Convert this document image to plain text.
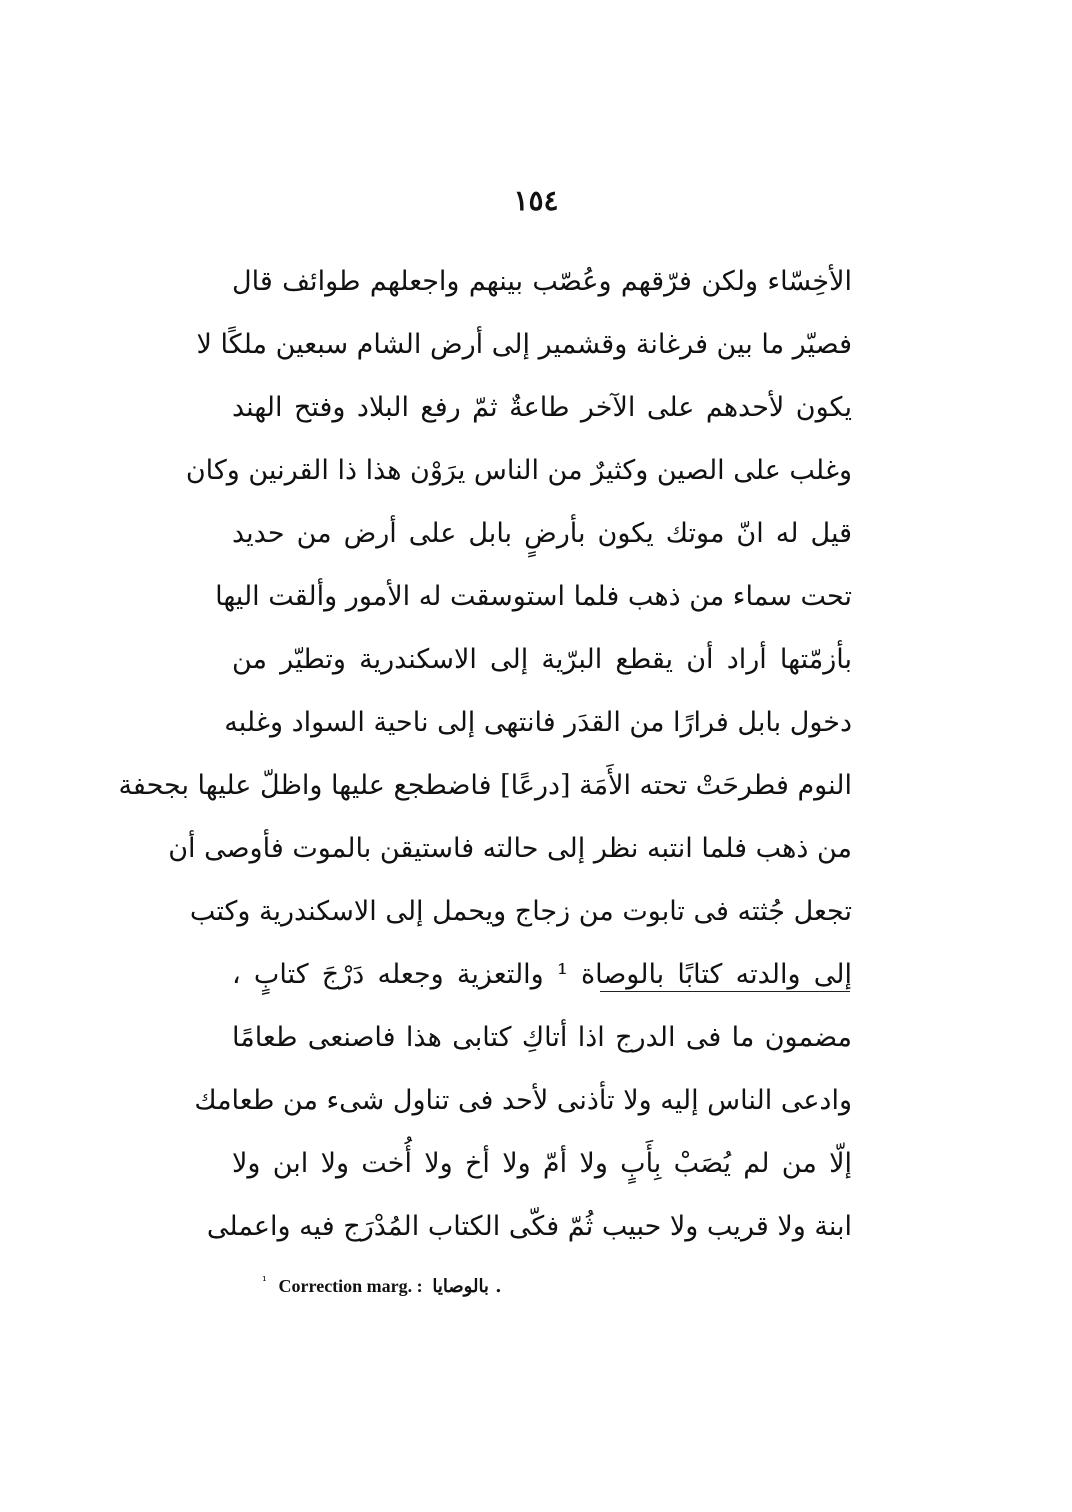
١٥٤
الأخِسّاء ولكن فرّقهم وعُصّب بينهم واجعلهم طوائف قال
فصيّر ما بين فرغانة وقشمير إلى أرض الشام سبعين ملكًا لا
يكون لأحدهم على الآخر طاعةٌ ثمّ رفع البلاد وفتح الهند
وغلب على الصين وكثيرٌ من الناس يرَوْن هذا ذا القرنين وكان
قيل له انّ موتك يكون بأرضٍ بابل على أرض من حديد
تحت سماء من ذهب فلما استوسقت له الأمور وألقت اليها
بأزمّتها أراد أن يقطع البرّية إلى الاسكندرية وتطيّر من
دخول بابل فرارًا من القدَر فانتهى إلى ناحية السواد وغلبه
النوم فطرحَتْ تحته الأَمَة [درعًا] فاضطجع عليها واظلّ عليها بجحفة
من ذهب فلما انتبه نظر إلى حالته فاستيقن بالموت فأوصى أن
تجعل جُثته فى تابوت من زجاج ويحمل إلى الاسكندرية وكتب
إلى والدته كتابًا بالوصاة ¹ والتعزية وجعله دَرْجَ كتابٍ ،
مضمون ما فى الدرج اذا أتاكِ كتابى هذا فاصنعى طعامًا
وادعى الناس إليه ولا تأذنى لأحد فى تناول شىء من طعامك
إلّا من لم يُصَبْ بِأَبٍ ولا أمّ ولا أخ ولا أُخت ولا ابن ولا
ابنة ولا قريب ولا حبيب ثُمّ فكّى الكتاب المُدْرَج فيه واعملى
$^{^1}$ Correction marg. : بالوصايا .
